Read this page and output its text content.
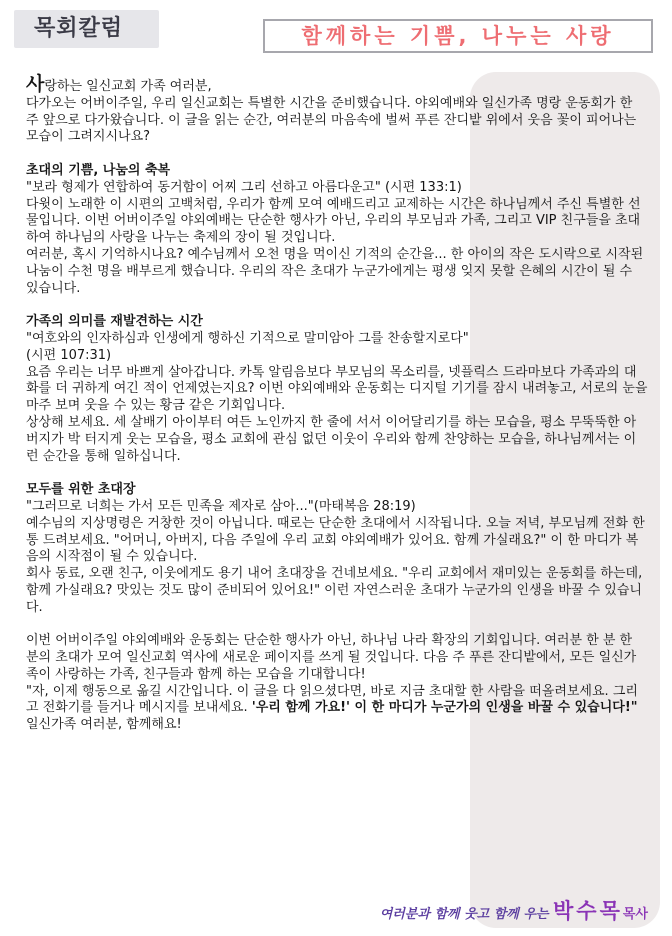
목회칼럼	함께하는 기쁨, 나누는 사랑

사랑하는 일신교회 가족 여러분,

다가오는 어버이주일, 우리 일신교회는 특별한 시간을 준비했습니다. 야외예배와 일신가족 명랑 운동회가 한 주 앞으로 다가왔습니다. 이 글을 읽는 순간, 여러분의 마음속에 벌써 푸른 잔디밭 위에서 웃음 꽃이 피어나는 모습이 그려지시나요?

초대의 기쁨, 나눔의 축복

"보라 형제가 연합하여 동거함이 어찌 그리 선하고 아름다운고" (시편 133:1)

다윗이 노래한 이 시편의 고백처럼, 우리가 함께 모여 예배드리고 교제하는 시간은 하나님께서 주신 특별한 선물입니다. 이번 어버이주일 야외예배는 단순한 행사가 아닌, 우리의 부모님과 가족, 그리고 VIP 친구들을 초대하여 하나님의 사랑을 나누는 축제의 장이 될 것입니다.

여러분, 혹시 기억하시나요? 예수님께서 오천 명을 먹이신 기적의 순간을... 한 아이의 작은 도시락으로 시작된 나눔이 수천 명을 배부르게 했습니다. 우리의 작은 초대가 누군가에게는 평생 잊지 못할 은혜의 시간이 될 수 있습니다.

가족의 의미를 재발견하는 시간

"여호와의 인자하심과 인생에게 행하신 기적으로 말미암아 그를 찬송할지로다"

(시편 107:31)

요즘 우리는 너무 바쁘게 살아갑니다. 카톡 알림음보다 부모님의 목소리를, 넷플릭스 드라마보다 가족과의 대화를 더 귀하게 여긴 적이 언제였는지요? 이번 야외예배와 운동회는 디지털 기기를 잠시 내려놓고, 서로의 눈을 마주 보며 웃을 수 있는 황금 같은 기회입니다.

상상해 보세요. 세 살배기 아이부터 여든 노인까지 한 줄에 서서 이어달리기를 하는 모습을, 평소 무뚝뚝한 아버지가 박 터지게 웃는 모습을, 평소 교회에 관심 없던 이웃이 우리와 함께 찬양하는 모습을, 하나님께서는 이런 순간을 통해 일하십니다.

모두를 위한 초대장

"그러므로 너희는 가서 모든 민족을 제자로 삼아..."(마태복음 28:19)

예수님의 지상명령은 거창한 것이 아닙니다. 때로는 단순한 초대에서 시작됩니다. 오늘 저녁, 부모님께 전화 한 통 드려보세요. "어머니, 아버지, 다음 주일에 우리 교회 야외예배가 있어요. 함께 가실래요?" 이 한 마디가 복음의 시작점이 될 수 있습니다.

회사 동료, 오랜 친구, 이웃에게도 용기 내어 초대장을 건네보세요. "우리 교회에서 재미있는 운동회를 하는데, 함께 가실래요? 맛있는 것도 많이 준비되어 있어요!" 이런 자연스러운 초대가 누군가의 인생을 바꿀 수 있습니다.

이번 어버이주일 야외예배와 운동회는 단순한 행사가 아닌, 하나님 나라 확장의 기회입니다. 여러분 한 분 한 분의 초대가 모여 일신교회 역사에 새로운 페이지를 쓰게 될 것입니다. 다음 주 푸른 잔디밭에서, 모든 일신가족이 사랑하는 가족, 친구들과 함께 하는 모습을 기대합니다!

"자, 이제 행동으로 옮길 시간입니다. 이 글을 다 읽으셨다면, 바로 지금 초대할 한 사람을 떠올려보세요. 그리고 전화기를 들거나 메시지를 보내세요. '우리 함께 가요!' 이 한 마디가 누군가의 인생을 바꿀 수 있습니다!"

일신가족 여러분, 함께해요!

여러분과 함께 웃고 함께 우는 박수목목사
